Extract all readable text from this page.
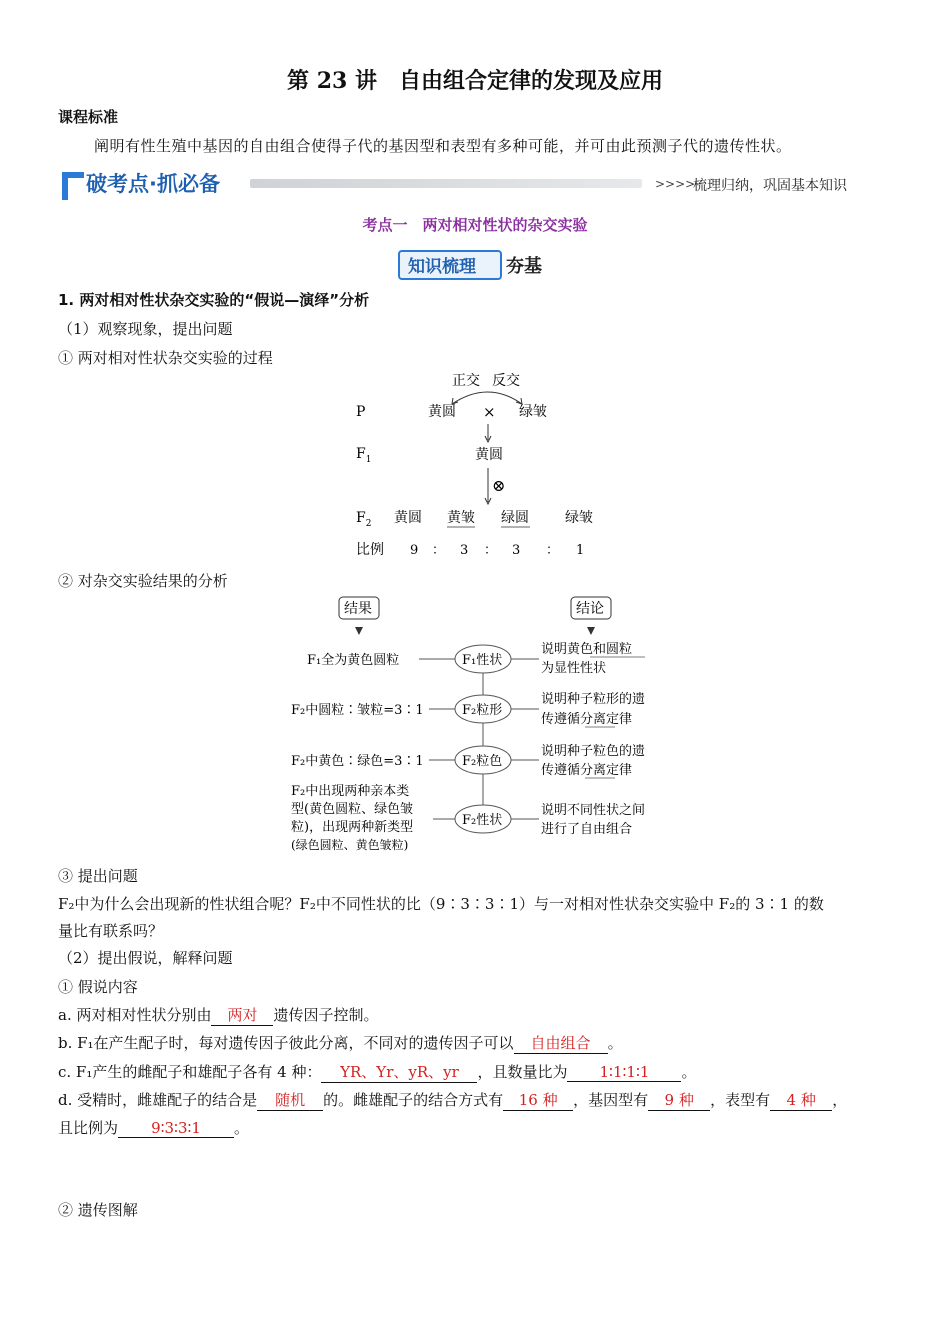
第 23 讲　自由组合定律的发现及应用
课程标准
阐明有性生殖中基因的自由组合使得子代的基因型和表型有多种可能，并可由此预测子代的遗传性状。
破考点·抓必备	>>>>
梳理归纳，巩固基本知识
考点一　两对相对性状的杂交实验
知识梳理 夯基
1. 两对相对性状杂交实验的“假说—演绎”分析
（1）观察现象，提出问题
① 两对相对性状杂交实验的过程
正交 反交
P	黄圆 × 绿皱
$F_1$	黄圆
⊗
$F_2$ 黄圆 黄皱 绿圆	绿皱
比例 9 ： 3 ： 3 ： 1
② 对杂交实验结果的分析
结果	结论
F₁全为黄色圆粒	F₁性状
说明黄色和圆粒
为显性性状
F₂中圆粒∶皱粒=3∶1	F₂粒形
说明种子粒形的遗
传遵循分离定律
F₂中黄色∶绿色=3∶1	F₂粒色
说明种子粒色的遗
传遵循分离定律
F₂中出现两种亲本类
型(黄色圆粒、绿色皱
粒)，出现两种新类型
(绿色圆粒、黄色皱粒)
F₂性状
说明不同性状之间
进行了自由组合
③ 提出问题
F₂中为什么会出现新的性状组合呢？F₂中不同性状的比（9∶3∶3∶1）与一对相对性状杂交实验中 F₂的 3∶1 的数
量比有联系吗？
（2）提出假说，解释问题
① 假说内容
a. 两对相对性状分别由 两对 遗传因子控制。
b. F₁在产生配子时，每对遗传因子彼此分离，不同对的遗传因子可以 自由组合 。
c. F₁产生的雌配子和雄配子各有 4 种： YR、Yr、yR、yr ，且数量比为 1∶1∶1∶1 。
d. 受精时，雌雄配子的结合是 随机 的。雌雄配子的结合方式有 16 种 ，基因型有 9 种 ，表型有 4 种 ，
且比例为 9∶3∶3∶1 。
② 遗传图解
